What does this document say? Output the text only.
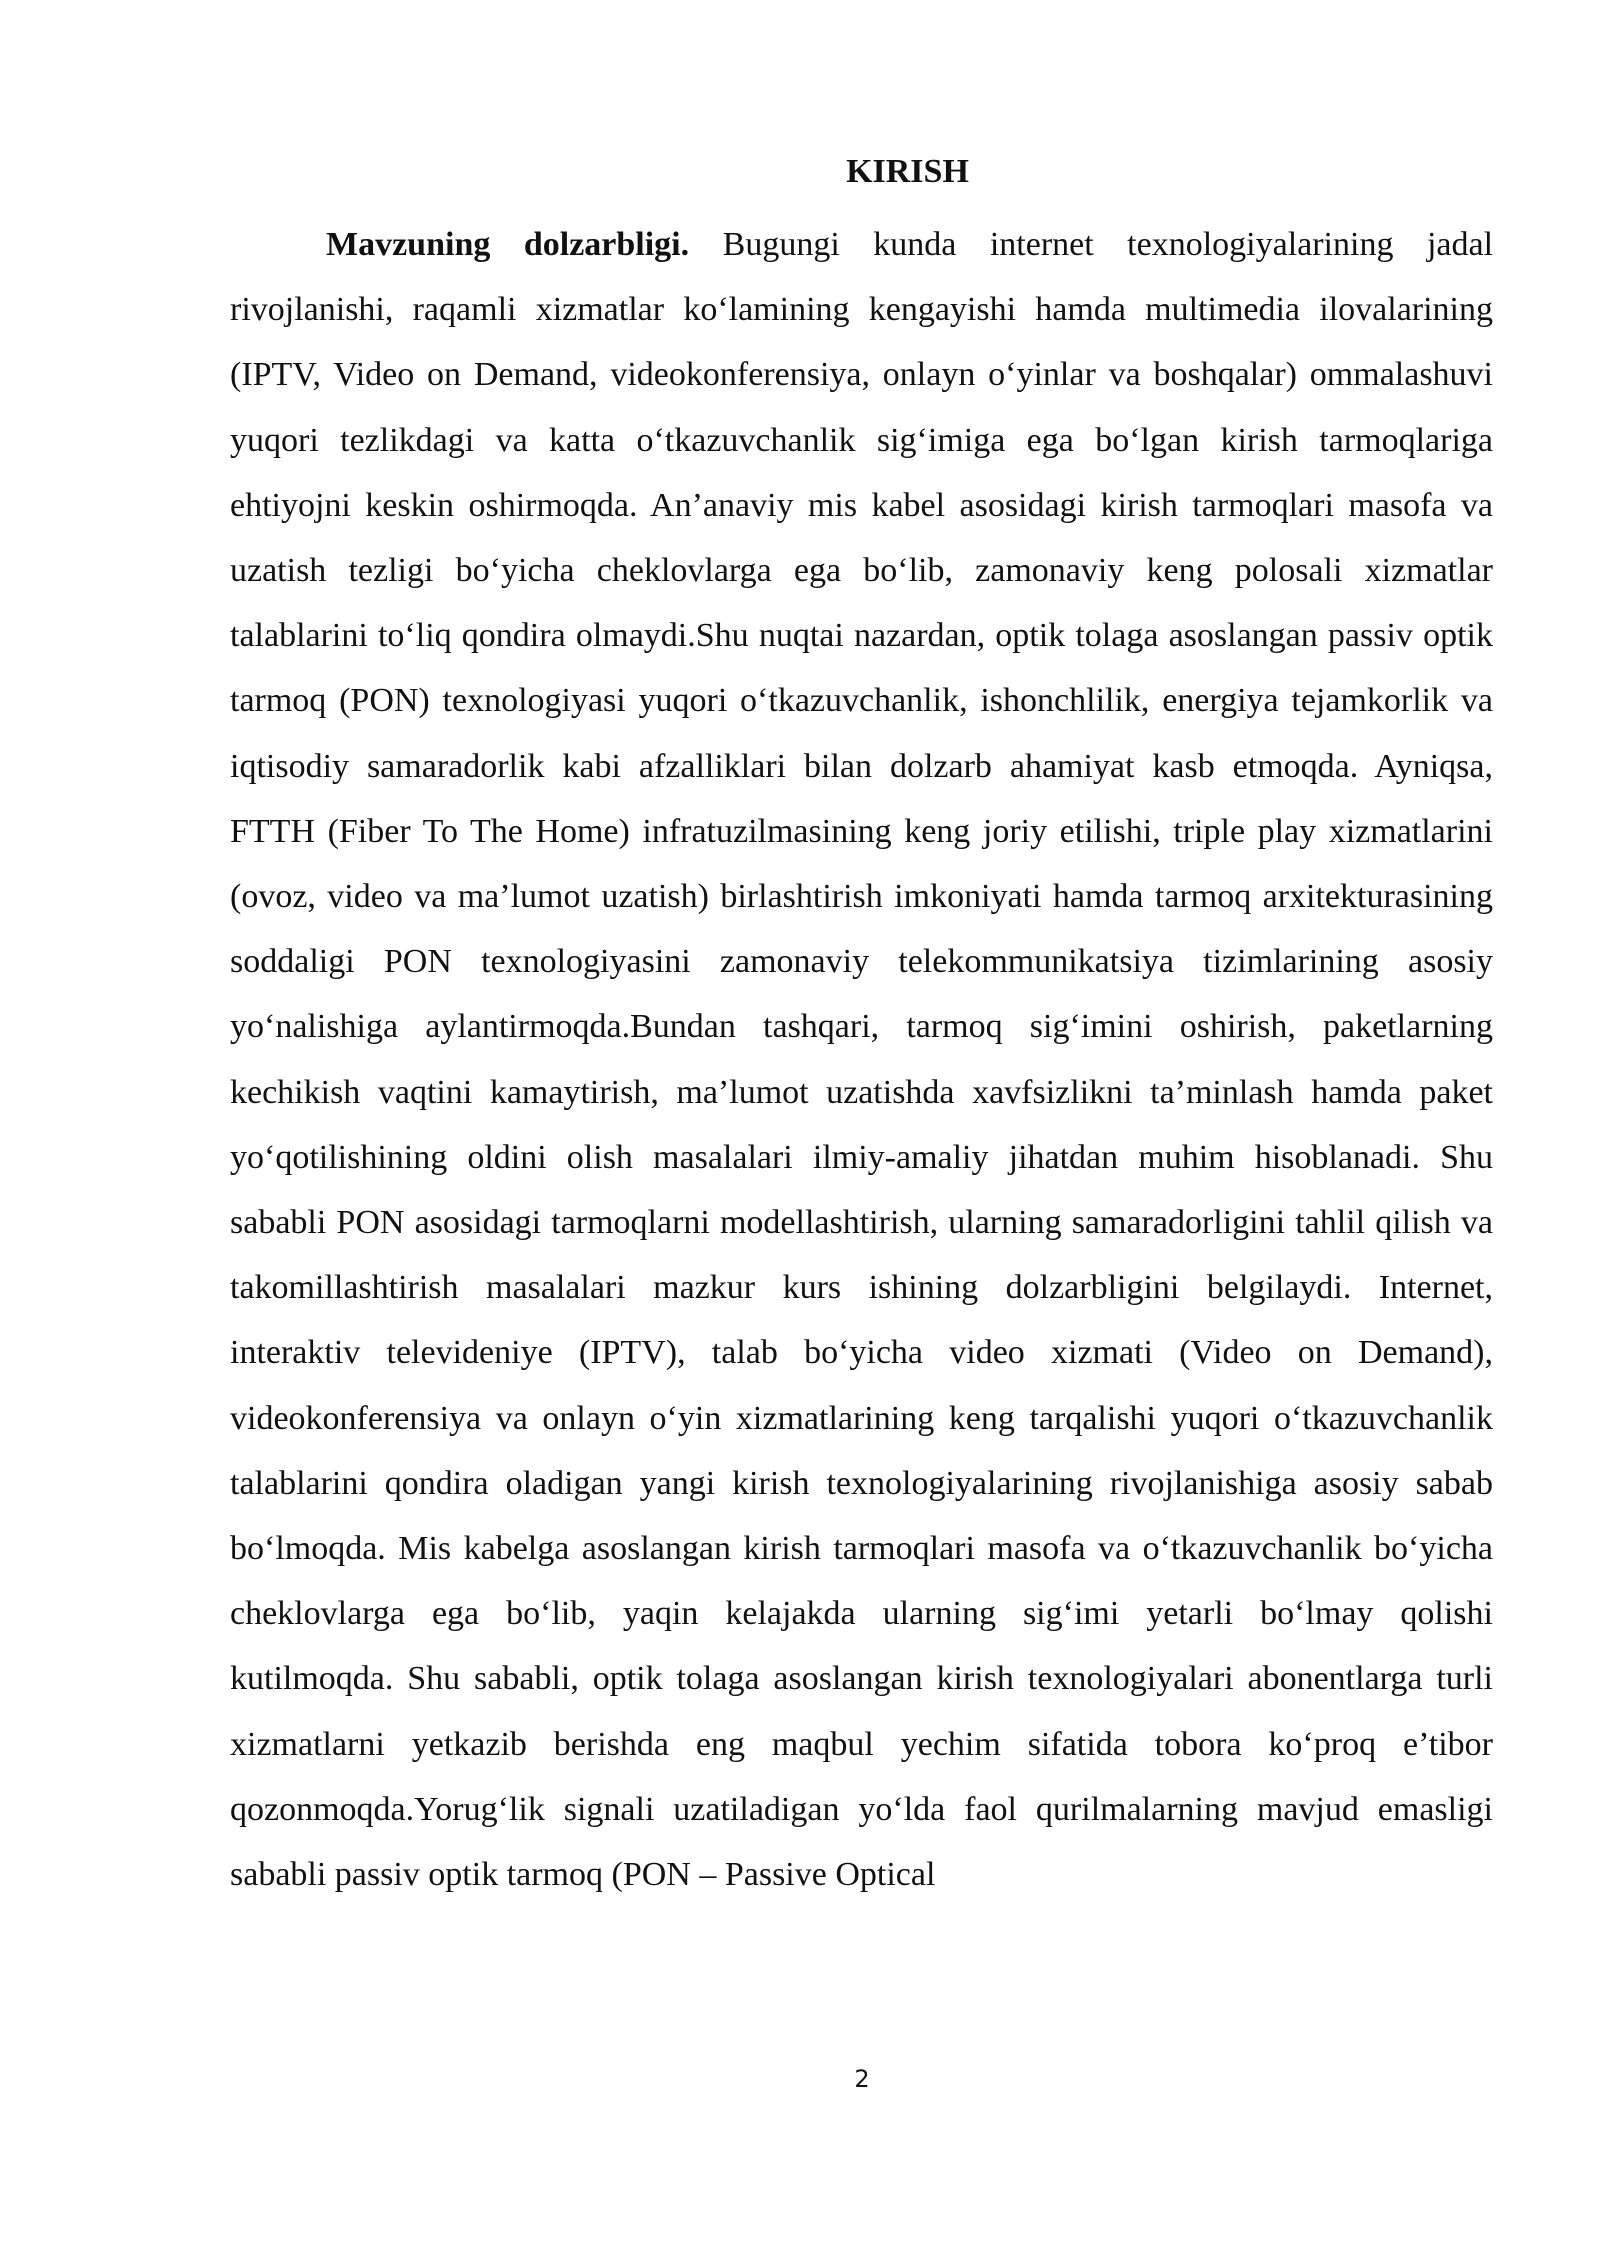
KIRISH

Mavzuning dolzarbligi. Bugungi kunda internet texnologiyalarining jadal rivojlanishi, raqamli xizmatlar koʻlamining kengayishi hamda multimedia ilovalarining (IPTV, Video on Demand, videokonferensiya, onlayn oʻyinlar va boshqalar) ommalashuvi yuqori tezlikdagi va katta oʻtkazuvchanlik sigʻimiga ega boʻlgan kirish tarmoqlariga ehtiyojni keskin oshirmoqda. An’anaviy mis kabel asosidagi kirish tarmoqlari masofa va uzatish tezligi boʻyicha cheklovlarga ega boʻlib, zamonaviy keng polosali xizmatlar talablarini toʻliq qondira olmaydi.Shu nuqtai nazardan, optik tolaga asoslangan passiv optik tarmoq (PON) texnologiyasi yuqori oʻtkazuvchanlik, ishonchlilik, energiya tejamkorlik va iqtisodiy samaradorlik kabi afzalliklari bilan dolzarb ahamiyat kasb etmoqda. Ayniqsa, FTTH (Fiber To The Home) infratuzilmasining keng joriy etilishi, triple play xizmatlarini (ovoz, video va ma’lumot uzatish) birlashtirish imkoniyati hamda tarmoq arxitekturasining soddaligi PON texnologiyasini zamonaviy telekommunikatsiya tizimlarining asosiy yoʻnalishiga aylantirmoqda.Bundan tashqari, tarmoq sigʻimini oshirish, paketlarning kechikish vaqtini kamaytirish, ma’lumot uzatishda xavfsizlikni ta’minlash hamda paket yoʻqotilishining oldini olish masalalari ilmiy-amaliy jihatdan muhim hisoblanadi. Shu sababli PON asosidagi tarmoqlarni modellashtirish, ularning samaradorligini tahlil qilish va takomillashtirish masalalari mazkur kurs ishining dolzarbligini belgilaydi. Internet, interaktiv televideniye (IPTV), talab boʻyicha video xizmati (Video on Demand), videokonferensiya va onlayn oʻyin xizmatlarining keng tarqalishi yuqori oʻtkazuvchanlik talablarini qondira oladigan yangi kirish texnologiyalarining rivojlanishiga asosiy sabab boʻlmoqda. Mis kabelga asoslangan kirish tarmoqlari masofa va oʻtkazuvchanlik boʻyicha cheklovlarga ega boʻlib, yaqin kelajakda ularning sigʻimi yetarli boʻlmay qolishi kutilmoqda. Shu sababli, optik tolaga asoslangan kirish texnologiyalari abonentlarga turli xizmatlarni yetkazib berishda eng maqbul yechim sifatida tobora koʻproq e’tibor qozonmoqda.Yorugʻlik signali uzatiladigan yoʻlda faol qurilmalarning mavjud emasligi sababli passiv optik tarmoq (PON – Passive Optical

2
